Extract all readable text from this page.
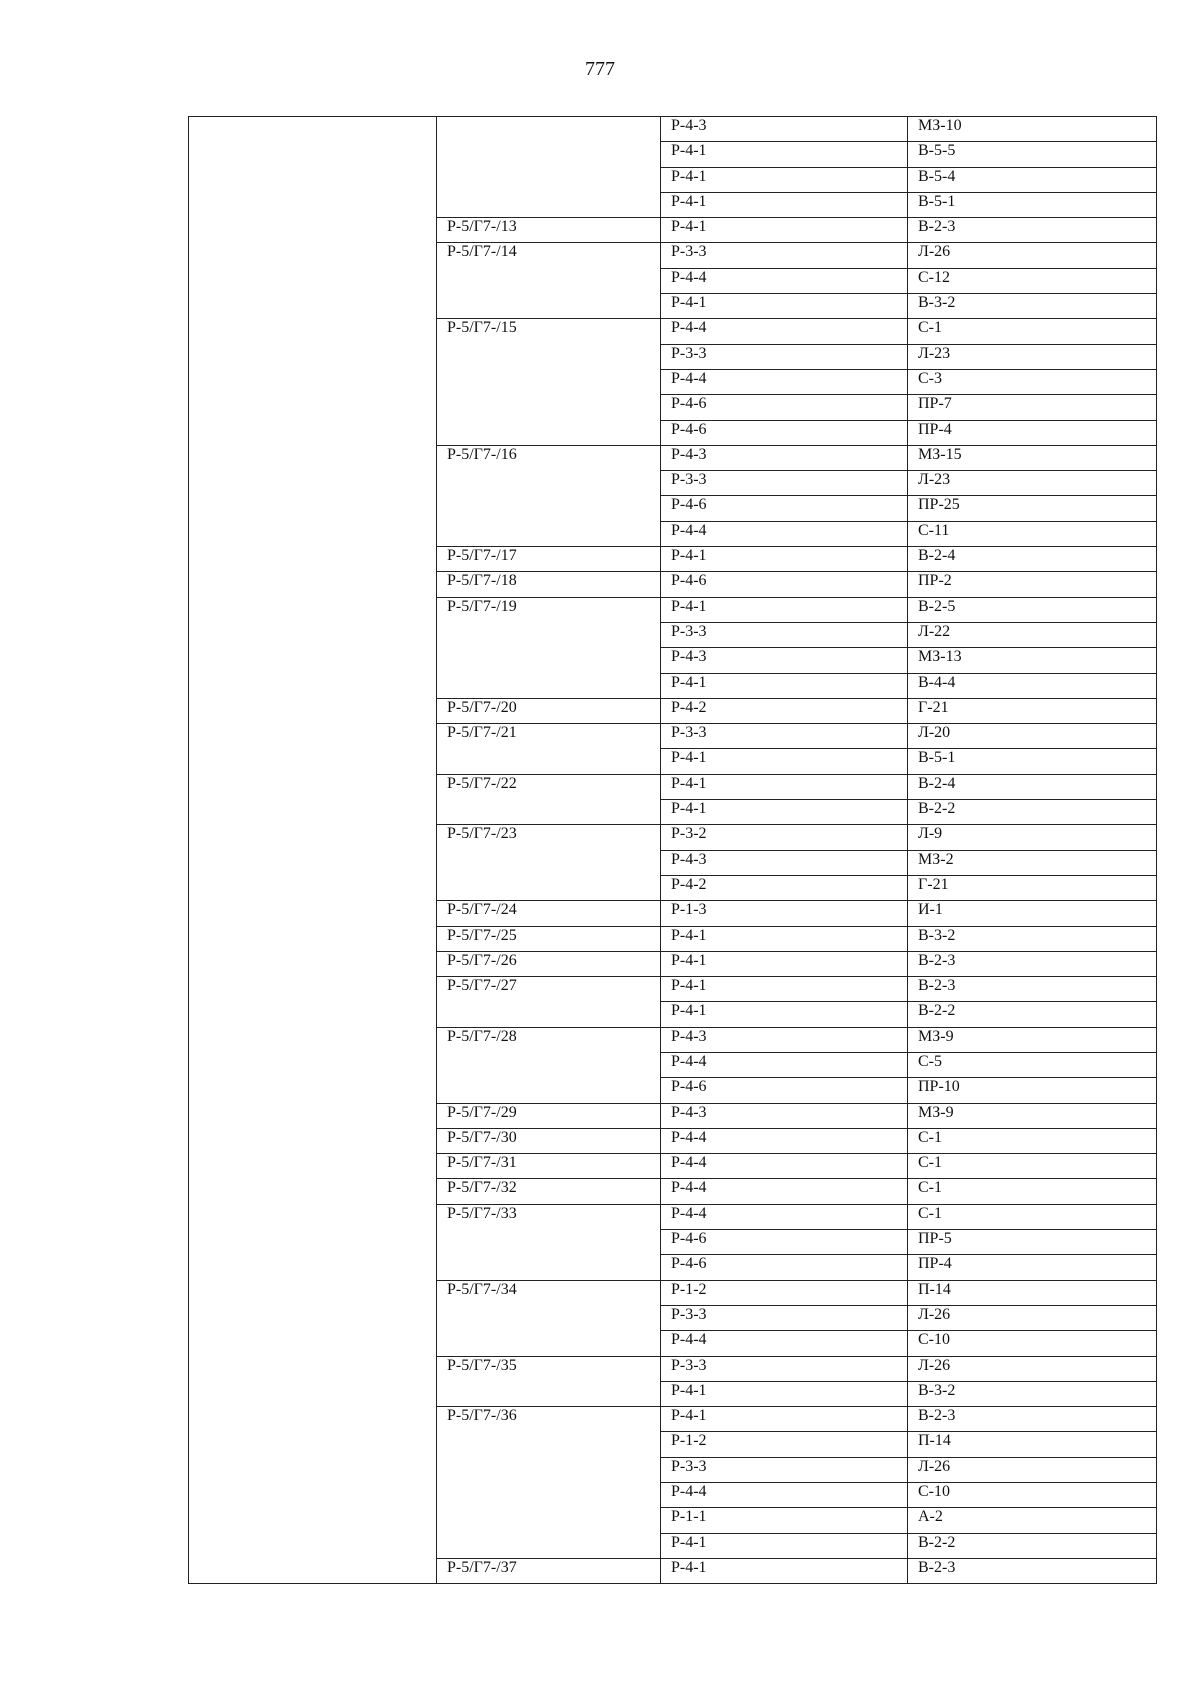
777
		Р-4-3	МЗ-10
		Р-4-1	В-5-5
		Р-4-1	В-5-4
		Р-4-1	В-5-1
	Р-5/Г7-/13	Р-4-1	В-2-3
	Р-5/Г7-/14	Р-3-3	Л-26
		Р-4-4	С-12
		Р-4-1	В-3-2
	Р-5/Г7-/15	Р-4-4	С-1
		Р-3-3	Л-23
		Р-4-4	С-3
		Р-4-6	ПР-7
		Р-4-6	ПР-4
	Р-5/Г7-/16	Р-4-3	МЗ-15
		Р-3-3	Л-23
		Р-4-6	ПР-25
		Р-4-4	С-11
	Р-5/Г7-/17	Р-4-1	В-2-4
	Р-5/Г7-/18	Р-4-6	ПР-2
	Р-5/Г7-/19	Р-4-1	В-2-5
		Р-3-3	Л-22
		Р-4-3	МЗ-13
		Р-4-1	В-4-4
	Р-5/Г7-/20	Р-4-2	Г-21
	Р-5/Г7-/21	Р-3-3	Л-20
		Р-4-1	В-5-1
	Р-5/Г7-/22	Р-4-1	В-2-4
		Р-4-1	В-2-2
	Р-5/Г7-/23	Р-3-2	Л-9
		Р-4-3	МЗ-2
		Р-4-2	Г-21
	Р-5/Г7-/24	Р-1-3	И-1
	Р-5/Г7-/25	Р-4-1	В-3-2
	Р-5/Г7-/26	Р-4-1	В-2-3
	Р-5/Г7-/27	Р-4-1	В-2-3
		Р-4-1	В-2-2
	Р-5/Г7-/28	Р-4-3	МЗ-9
		Р-4-4	С-5
		Р-4-6	ПР-10
	Р-5/Г7-/29	Р-4-3	МЗ-9
	Р-5/Г7-/30	Р-4-4	С-1
	Р-5/Г7-/31	Р-4-4	С-1
	Р-5/Г7-/32	Р-4-4	С-1
	Р-5/Г7-/33	Р-4-4	С-1
		Р-4-6	ПР-5
		Р-4-6	ПР-4
	Р-5/Г7-/34	Р-1-2	П-14
		Р-3-3	Л-26
		Р-4-4	С-10
	Р-5/Г7-/35	Р-3-3	Л-26
		Р-4-1	В-3-2
	Р-5/Г7-/36	Р-4-1	В-2-3
		Р-1-2	П-14
		Р-3-3	Л-26
		Р-4-4	С-10
		Р-1-1	А-2
		Р-4-1	В-2-2
	Р-5/Г7-/37	Р-4-1	В-2-3
